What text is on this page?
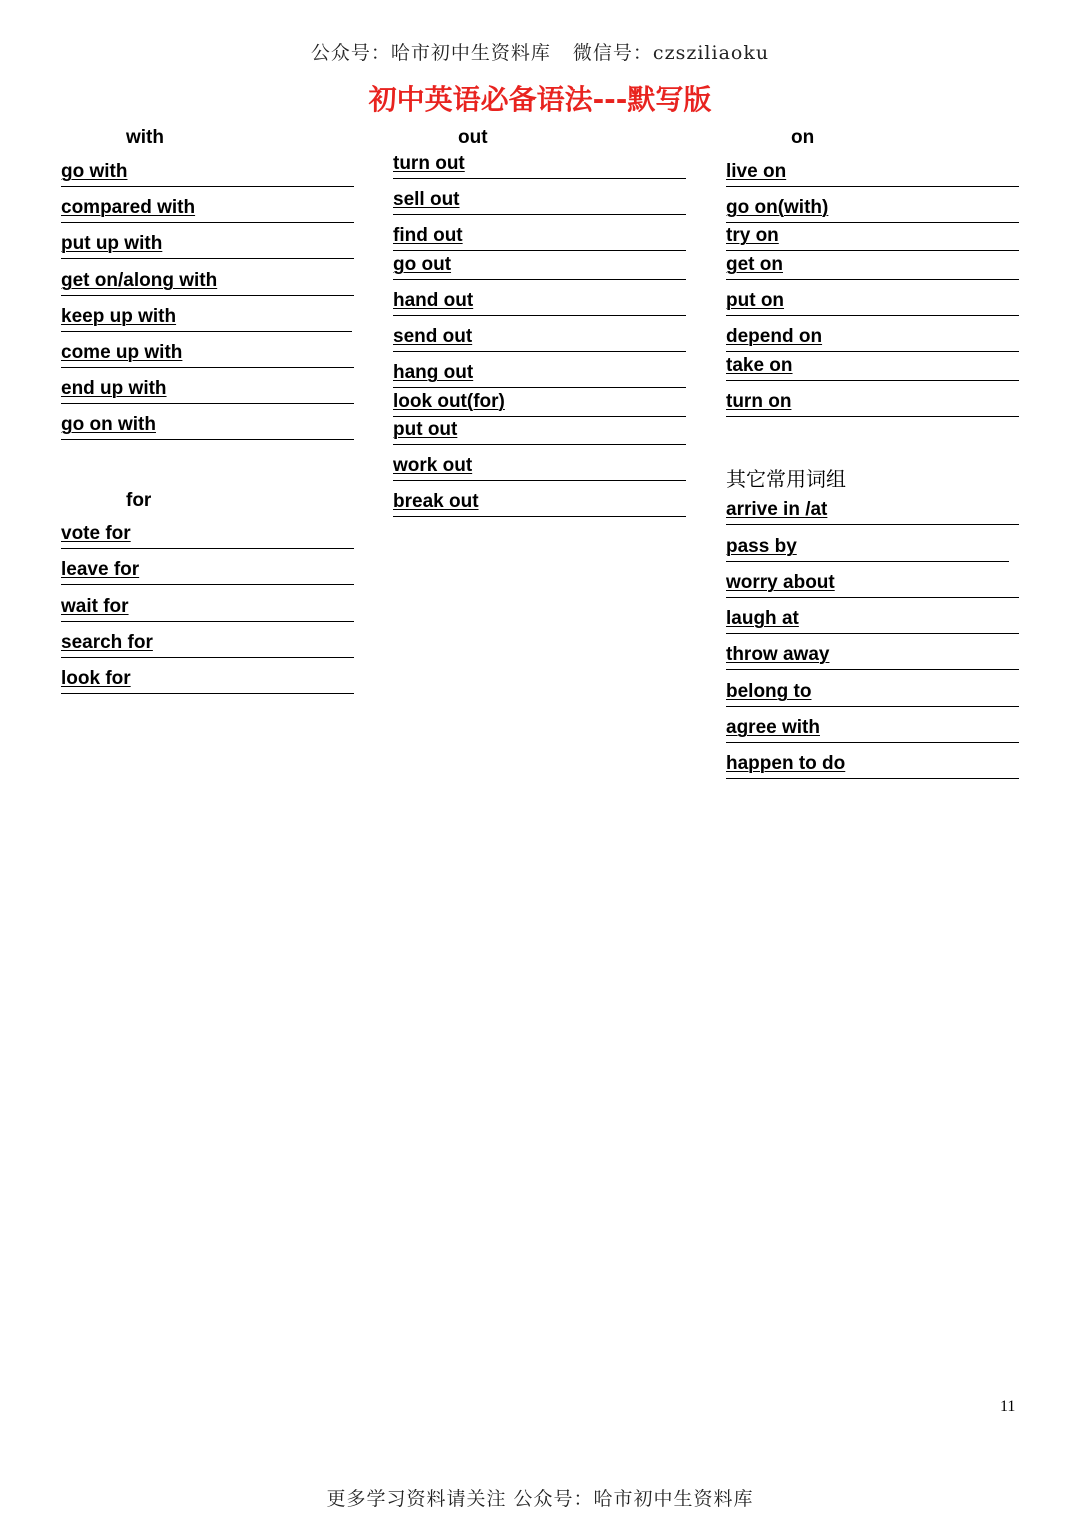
公众号：哈市初中生资料库 微信号：czsziliaoku
初中英语必备语法---默写版
with
go with
compared with
put up with
get on/along with
keep up with
come up with
end up with
go on with
for
vote for
leave for
wait for
search for
look for
out
turn out
sell out
find out
go out
hand out
send out
hang out
look out(for)
put out
work out
break out
on
live on
go on(with)
try on
get on
put on
depend on
take on
turn on
其它常用词组
arrive in /at
pass by
worry about
laugh at
throw away
belong to
agree with
happen to do
11
更多学习资料请关注 公众号：哈市初中生资料库
